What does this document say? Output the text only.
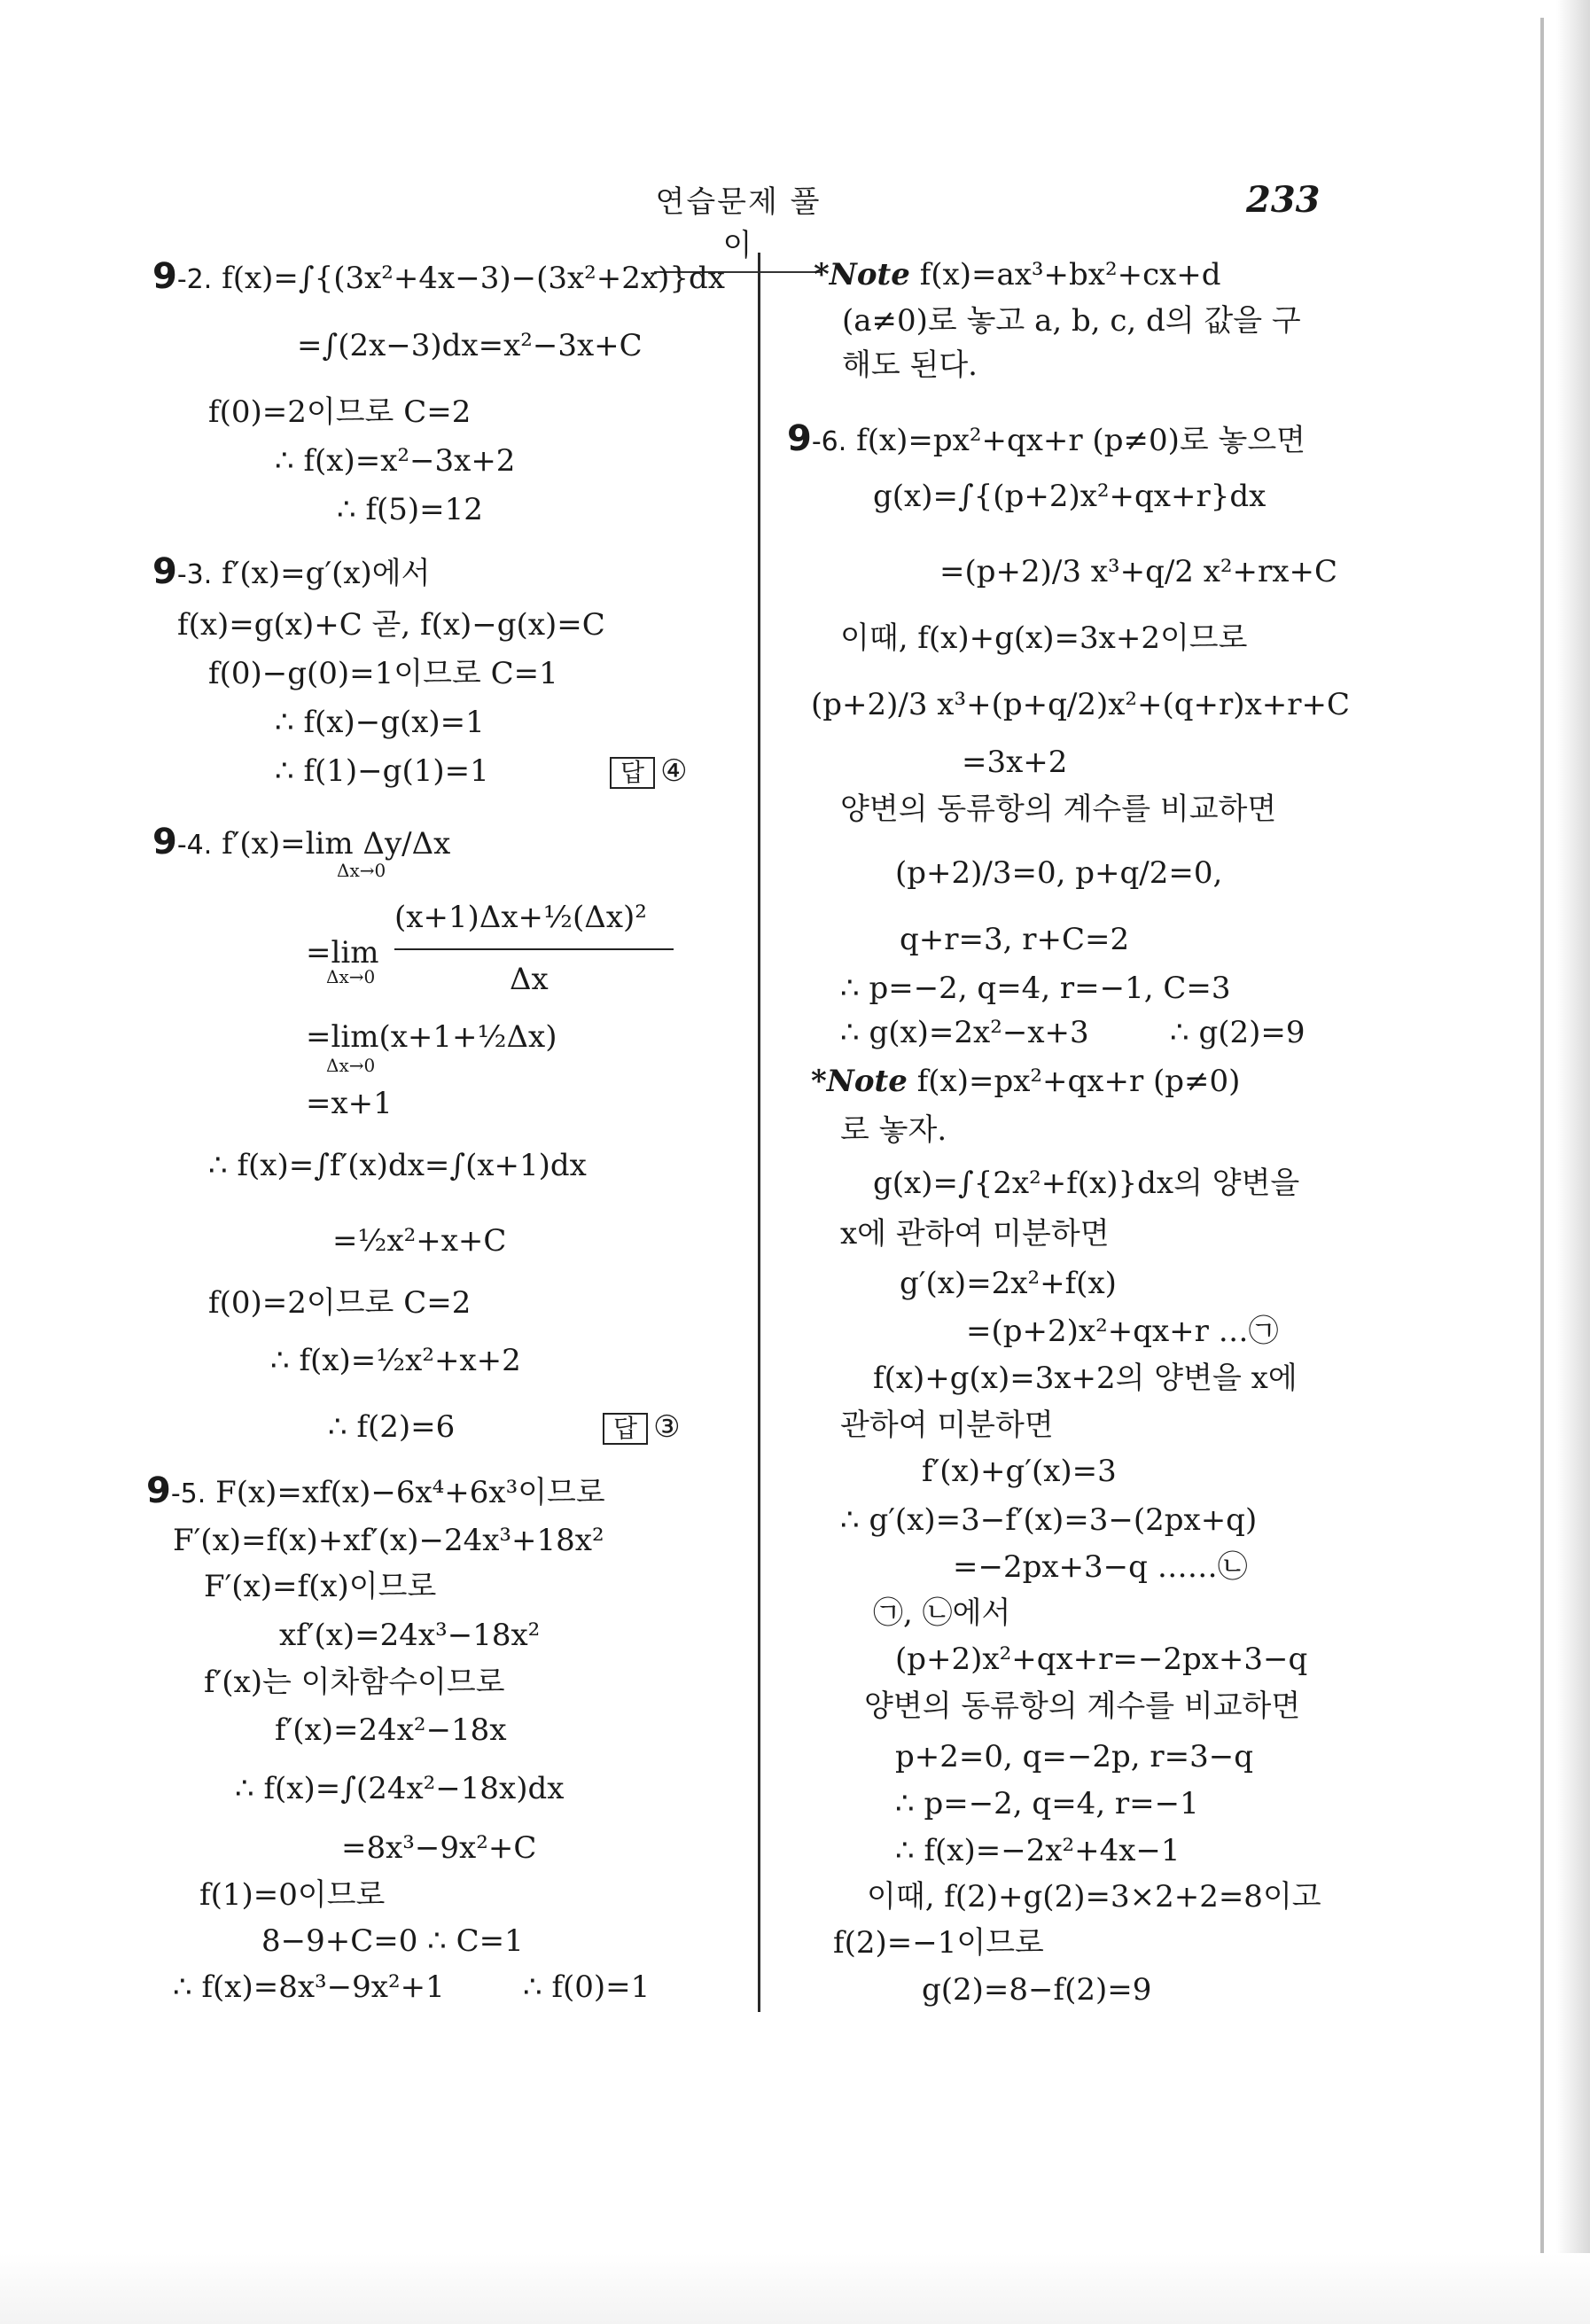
연습문제 풀이
233
9-2. f(x)=∫{(3x²+4x−3)−(3x²+2x)}dx
=∫(2x−3)dx=x²−3x+C
f(0)=2이므로 C=2
∴ f(x)=x²−3x+2
∴ f(5)=12
9-3. f′(x)=g′(x)에서
f(x)=g(x)+C 곧, f(x)−g(x)=C
f(0)−g(0)=1이므로 C=1
∴ f(x)−g(x)=1
∴ f(1)−g(1)=1	답 ④
9-4. f′(x)=lim Δy/Δx
Δx→0
(x+1)Δx+½(Δx)²
=lim
Δx→0	Δx
=lim(x+1+½Δx)
Δx→0
=x+1
∴ f(x)=∫f′(x)dx=∫(x+1)dx
=½x²+x+C
f(0)=2이므로 C=2
∴ f(x)=½x²+x+2
∴ f(2)=6	답 ③
9-5. F(x)=xf(x)−6x⁴+6x³이므로
F′(x)=f(x)+xf′(x)−24x³+18x²
F′(x)=f(x)이므로
xf′(x)=24x³−18x²
f′(x)는 이차함수이므로
f′(x)=24x²−18x
∴ f(x)=∫(24x²−18x)dx
=8x³−9x²+C
f(1)=0이므로
8−9+C=0 ∴ C=1
∴ f(x)=8x³−9x²+1	∴ f(0)=1
*Note f(x)=ax³+bx²+cx+d
(a≠0)로 놓고 a, b, c, d의 값을 구
해도 된다.
9-6. f(x)=px²+qx+r (p≠0)로 놓으면
g(x)=∫{(p+2)x²+qx+r}dx
=(p+2)/3 x³+q/2 x²+rx+C
이때, f(x)+g(x)=3x+2이므로
(p+2)/3 x³+(p+q/2)x²+(q+r)x+r+C
=3x+2
양변의 동류항의 계수를 비교하면
(p+2)/3=0, p+q/2=0,
q+r=3, r+C=2
∴ p=−2, q=4, r=−1, C=3
∴ g(x)=2x²−x+3	∴ g(2)=9
*Note f(x)=px²+qx+r (p≠0)
로 놓자.
g(x)=∫{2x²+f(x)}dx의 양변을
x에 관하여 미분하면
g′(x)=2x²+f(x)
=(p+2)x²+qx+r …㉠
f(x)+g(x)=3x+2의 양변을 x에
관하여 미분하면
f′(x)+g′(x)=3
∴ g′(x)=3−f′(x)=3−(2px+q)
=−2px+3−q ……㉡
㉠, ㉡에서
(p+2)x²+qx+r=−2px+3−q
양변의 동류항의 계수를 비교하면
p+2=0, q=−2p, r=3−q
∴ p=−2, q=4, r=−1
∴ f(x)=−2x²+4x−1
이때, f(2)+g(2)=3×2+2=8이고
f(2)=−1이므로
g(2)=8−f(2)=9
